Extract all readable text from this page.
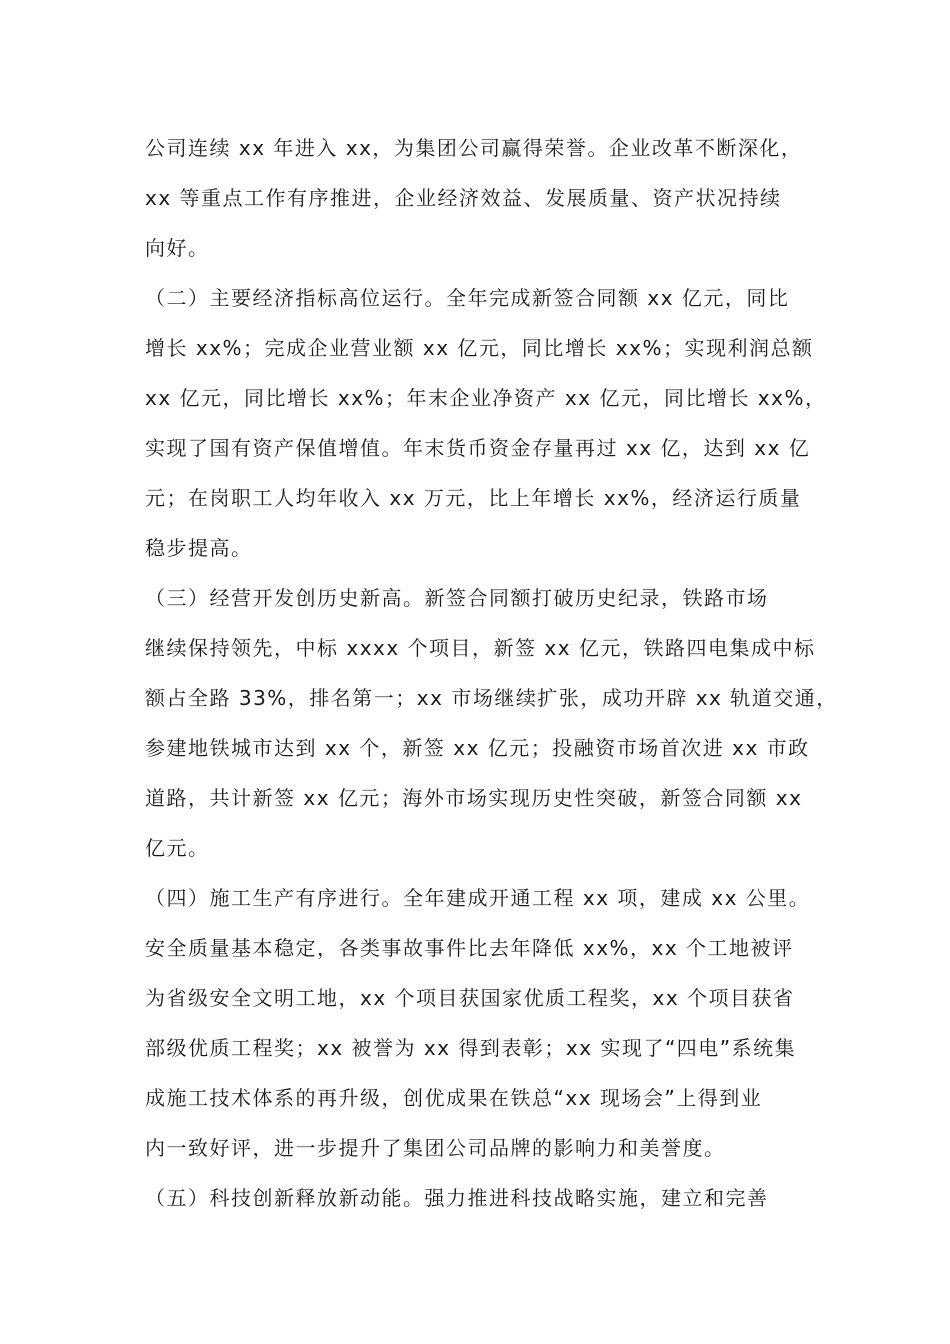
公司连续 xx 年进入 xx，为集团公司赢得荣誉。企业改革不断深化，
xx 等重点工作有序推进，企业经济效益、发展质量、资产状况持续
向好。
（二）主要经济指标高位运行。全年完成新签合同额 xx 亿元，同比
增长 xx%；完成企业营业额 xx 亿元，同比增长 xx%；实现利润总额
xx 亿元，同比增长 xx%；年末企业净资产 xx 亿元，同比增长 xx%，
实现了国有资产保值增值。年末货币资金存量再过 xx 亿，达到 xx 亿
元；在岗职工人均年收入 xx 万元，比上年增长 xx%，经济运行质量
稳步提高。
（三）经营开发创历史新高。新签合同额打破历史纪录，铁路市场
继续保持领先，中标 xxxx 个项目，新签 xx 亿元，铁路四电集成中标
额占全路 33%，排名第一；xx 市场继续扩张，成功开辟 xx 轨道交通，
参建地铁城市达到 xx 个，新签 xx 亿元；投融资市场首次进 xx 市政
道路，共计新签 xx 亿元；海外市场实现历史性突破，新签合同额 xx
亿元。
（四）施工生产有序进行。全年建成开通工程 xx 项，建成 xx 公里。
安全质量基本稳定，各类事故事件比去年降低 xx%，xx 个工地被评
为省级安全文明工地，xx 个项目获国家优质工程奖，xx 个项目获省
部级优质工程奖；xx 被誉为 xx 得到表彰；xx 实现了“四电”系统集
成施工技术体系的再升级，创优成果在铁总“xx 现场会”上得到业
内一致好评，进一步提升了集团公司品牌的影响力和美誉度。
（五）科技创新释放新动能。强力推进科技战略实施，建立和完善
